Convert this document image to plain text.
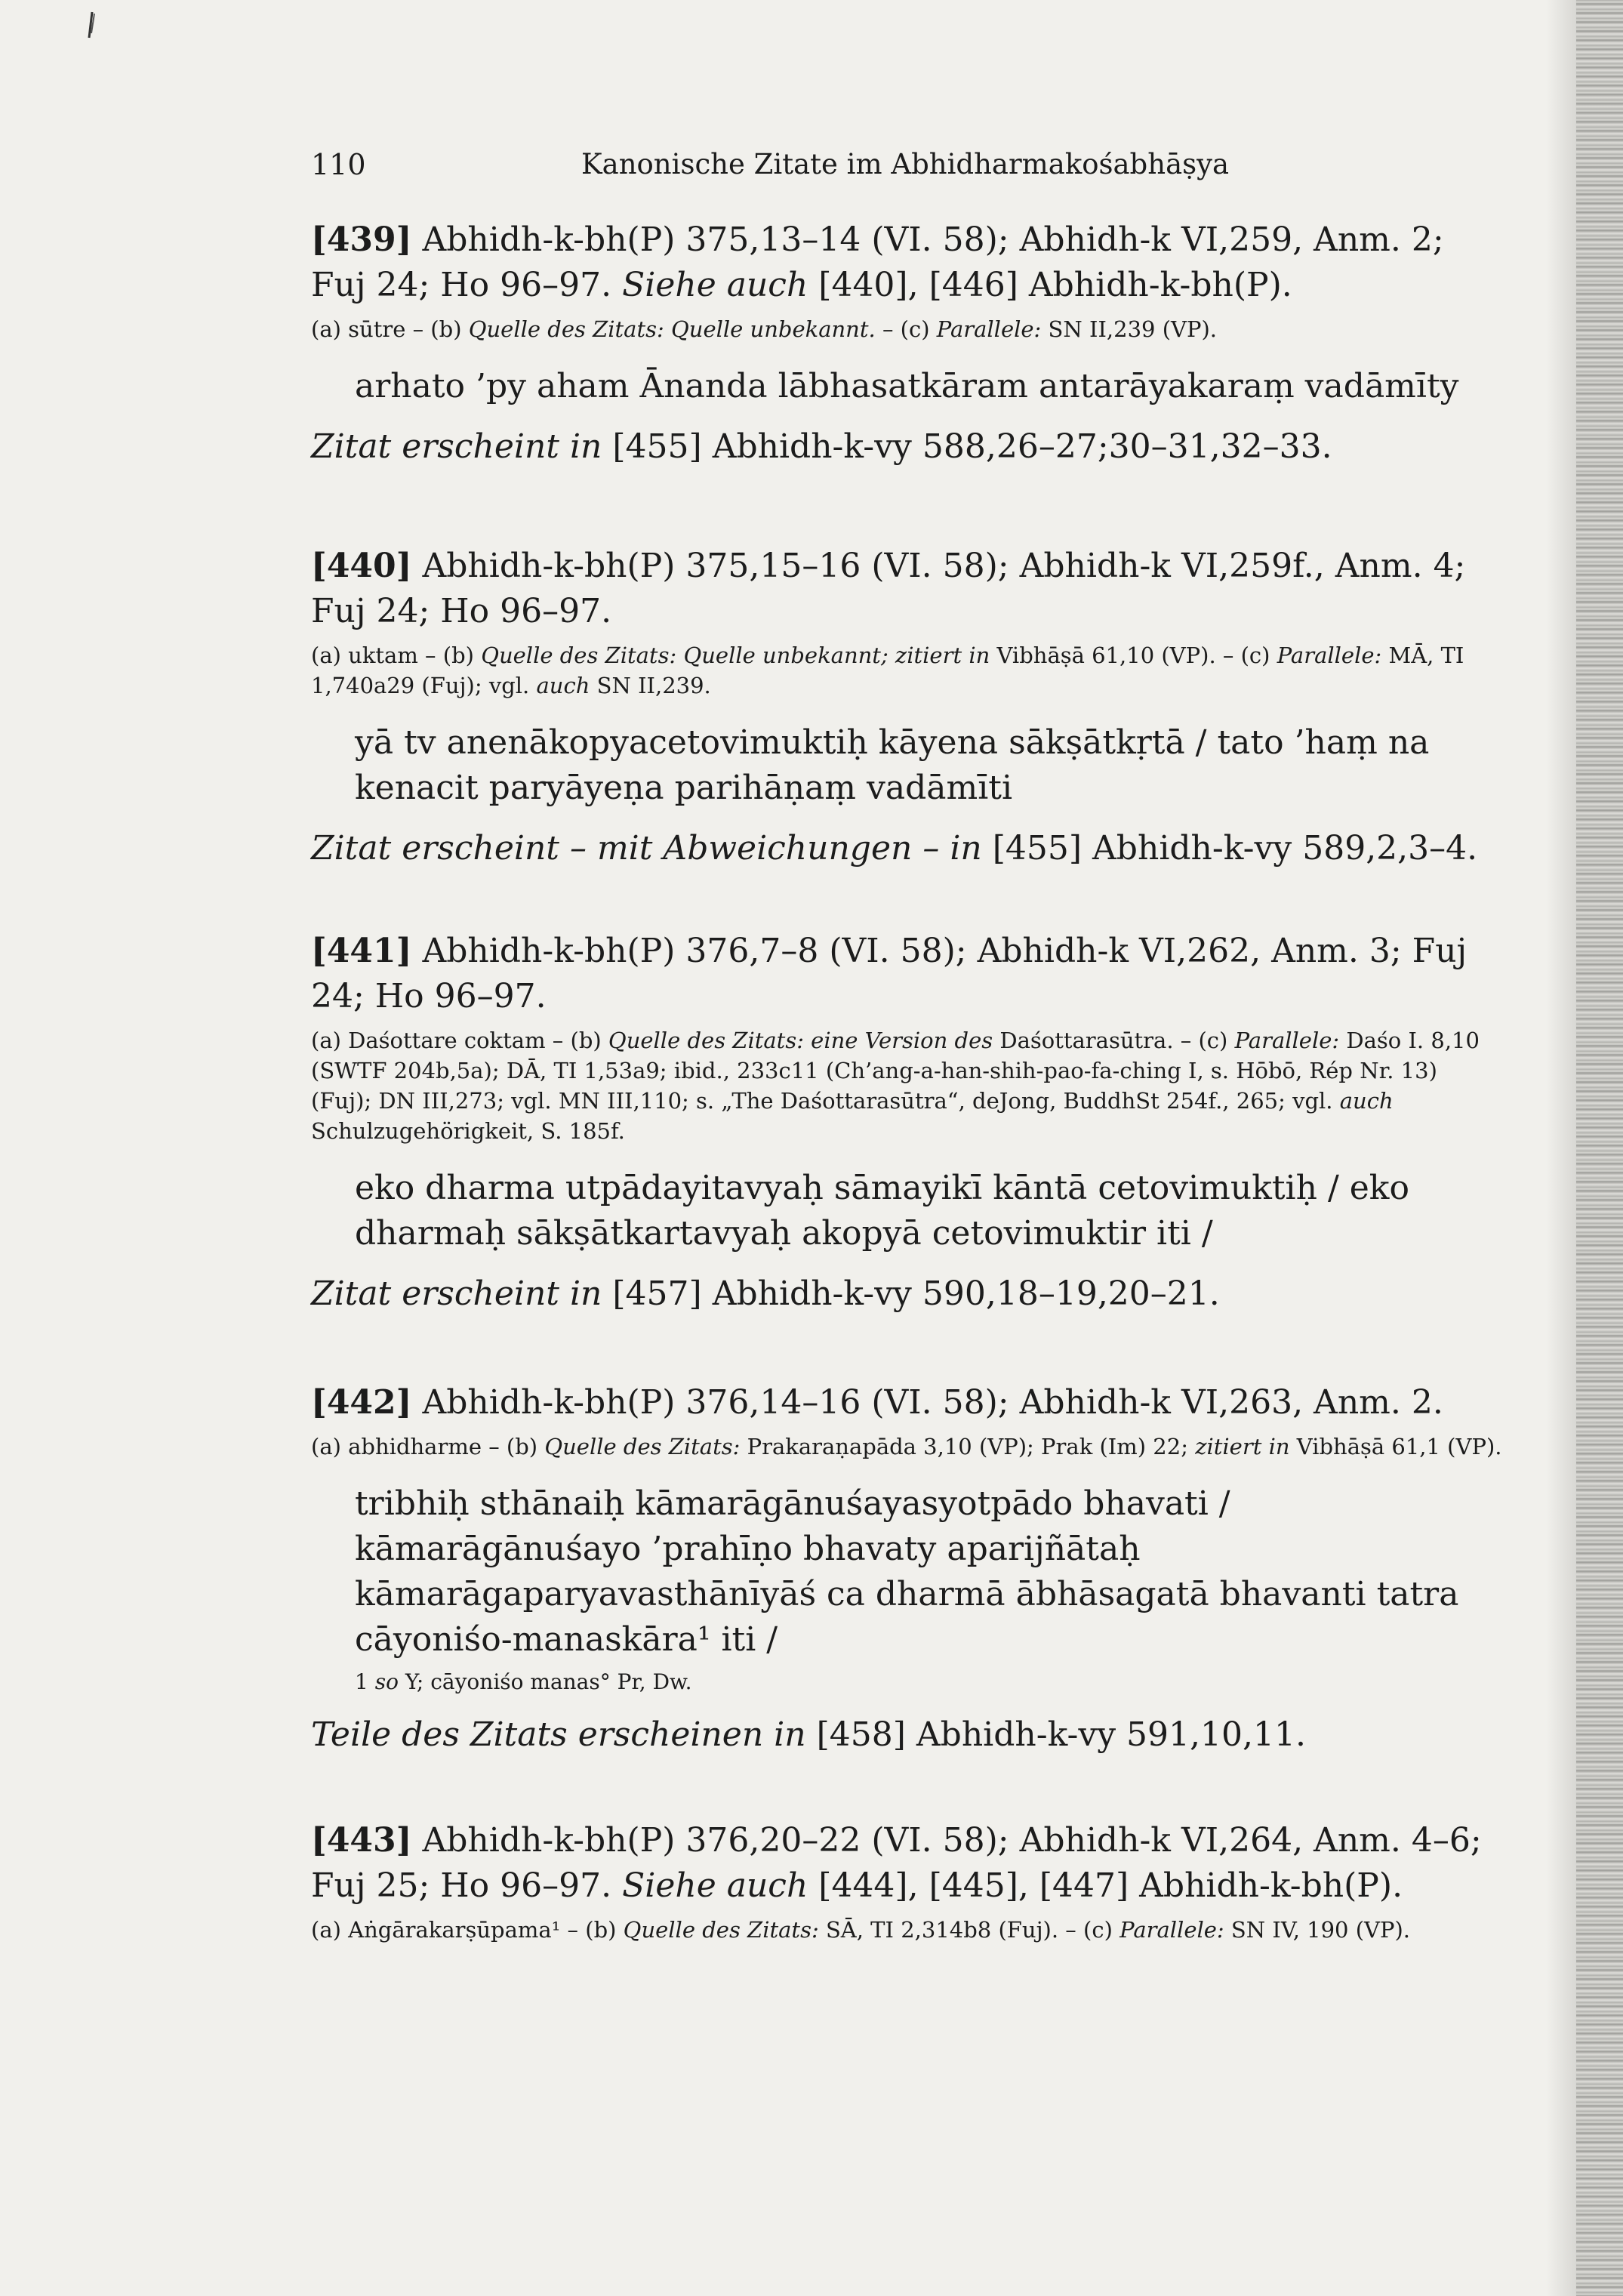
110	Kanonische Zitate im Abhidharmakośabhāṣya

[439] Abhidh-k-bh(P) 375,13–14 (VI. 58); Abhidh-k VI,259, Anm. 2; Fuj 24; Ho 96–97. Siehe auch [440], [446] Abhidh-k-bh(P).

(a) sūtre – (b) Quelle des Zitats: Quelle unbekannt. – (c) Parallele: SN II,239 (VP).

arhato ’py aham Ānanda lābhasatkāram antarāyakaraṃ vadāmīty

Zitat erscheint in [455] Abhidh-k-vy 588,26–27;30–31,32–33.

[440] Abhidh-k-bh(P) 375,15–16 (VI. 58); Abhidh-k VI,259f., Anm. 4; Fuj 24; Ho 96–97.

(a) uktam – (b) Quelle des Zitats: Quelle unbekannt; zitiert in Vibhāṣā 61,10 (VP). – (c) Parallele: MĀ, TI 1,740a29 (Fuj); vgl. auch SN II,239.

yā tv anenākopyacetovimuktiḥ kāyena sākṣātkṛtā / tato ’haṃ na kenacit paryāyeṇa parihāṇaṃ vadāmīti

Zitat erscheint – mit Abweichungen – in [455] Abhidh-k-vy 589,2,3–4.

[441] Abhidh-k-bh(P) 376,7–8 (VI. 58); Abhidh-k VI,262, Anm. 3; Fuj 24; Ho 96–97.

(a) Daśottare coktam – (b) Quelle des Zitats: eine Version des Daśottarasūtra. – (c) Parallele: Daśo I. 8,10 (SWTF 204b,5a); DĀ, TI 1,53a9; ibid., 233c11 (Ch’ang-a-han-shih-pao-fa-ching I, s. Hōbō, Rép Nr. 13) (Fuj); DN III,273; vgl. MN III,110; s. „The Daśottarasūtra“, deJong, BuddhSt 254f., 265; vgl. auch Schulzugehörigkeit, S. 185f.

eko dharma utpādayitavyaḥ sāmayikī kāntā cetovimuktiḥ / eko dharmaḥ sākṣātkartavyaḥ akopyā cetovimuktir iti /

Zitat erscheint in [457] Abhidh-k-vy 590,18–19,20–21.

[442] Abhidh-k-bh(P) 376,14–16 (VI. 58); Abhidh-k VI,263, Anm. 2.

(a) abhidharme – (b) Quelle des Zitats: Prakaraṇapāda 3,10 (VP); Prak (Im) 22; zitiert in Vibhāṣā 61,1 (VP).

tribhiḥ sthānaiḥ kāmarāgānuśayasyotpādo bhavati / kāmarāgānuśayo ’prahīṇo bhavaty aparijñātaḥ kāmarāgaparyavasthānīyāś ca dharmā ābhāsagatā bhavanti tatra cāyoniśo-manaskāra¹ iti /

1 so Y; cāyoniśo manas° Pr, Dw.

Teile des Zitats erscheinen in [458] Abhidh-k-vy 591,10,11.

[443] Abhidh-k-bh(P) 376,20–22 (VI. 58); Abhidh-k VI,264, Anm. 4–6; Fuj 25; Ho 96–97. Siehe auch [444], [445], [447] Abhidh-k-bh(P).

(a) Aṅgārakarṣūpama¹ – (b) Quelle des Zitats: SĀ, TI 2,314b8 (Fuj). – (c) Parallele: SN IV, 190 (VP).
